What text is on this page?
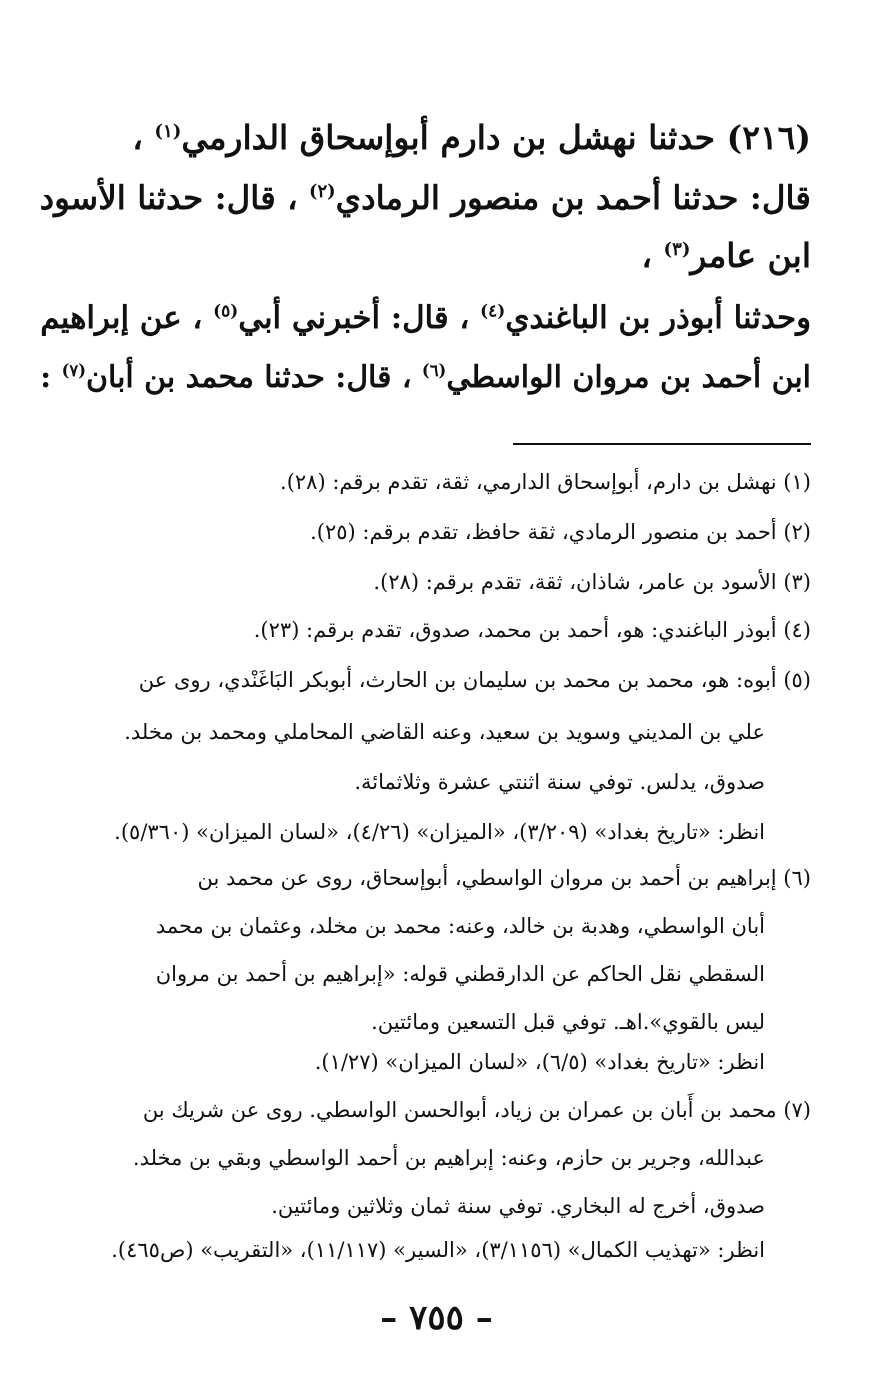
(٢١٦) حدثنا نهشل بن دارم أبوإسحاق الدارمي$^{(١)}$ ،
قال: حدثنا أحمد بن منصور الرمادي$^{(٢)}$ ، قال: حدثنا الأسود
ابن عامر$^{(٣)}$ ،
وحدثنا أبوذر بن الباغندي$^{(٤)}$ ، قال: أخبرني أبي$^{(٥)}$ ، عن إبراهيم
ابن أحمد بن مروان الواسطي$^{(٦)}$ ، قال: حدثنا محمد بن أبان$^{(٧)}$ :
(١) نهشل بن دارم، أبوإسحاق الدارمي، ثقة، تقدم برقم: (٢٨).
(٢) أحمد بن منصور الرمادي، ثقة حافظ، تقدم برقم: (٢٥).
(٣) الأسود بن عامر، شاذان، ثقة، تقدم برقم: (٢٨).
(٤) أبوذر الباغندي: هو، أحمد بن محمد، صدوق، تقدم برقم: (٢٣).
(٥) أبوه: هو، محمد بن محمد بن سليمان بن الحارث، أبوبكر البَاغَنْدي، روى عن
علي بن المديني وسويد بن سعيد، وعنه القاضي المحاملي ومحمد بن مخلد.
صدوق، يدلس. توفي سنة اثنتي عشرة وثلاثمائة.
انظر: «تاريخ بغداد» (٣/٢٠٩)، «الميزان» (٤/٢٦)، «لسان الميزان» (٥/٣٦٠).
(٦) إبراهيم بن أحمد بن مروان الواسطي، أبوإسحاق، روى عن محمد بن
أبان الواسطي، وهدبة بن خالد، وعنه: محمد بن مخلد، وعثمان بن محمد
السقطي نقل الحاكم عن الدارقطني قوله: «إبراهيم بن أحمد بن مروان
ليس بالقوي».اهـ. توفي قبل التسعين ومائتين.
انظر: «تاريخ بغداد» (٦/٥)، «لسان الميزان» (١/٢٧).
(٧) محمد بن أَبان بن عمران بن زياد، أبوالحسن الواسطي. روى عن شريك بن
عبدالله، وجرير بن حازم، وعنه: إبراهيم بن أحمد الواسطي وبقي بن مخلد.
صدوق، أخرج له البخاري. توفي سنة ثمان وثلاثين ومائتين.
انظر: «تهذيب الكمال» (٣/١١٥٦)، «السير» (١١/١١٧)، «التقريب» (ص٤٦٥).
– ٧٥٥ –
